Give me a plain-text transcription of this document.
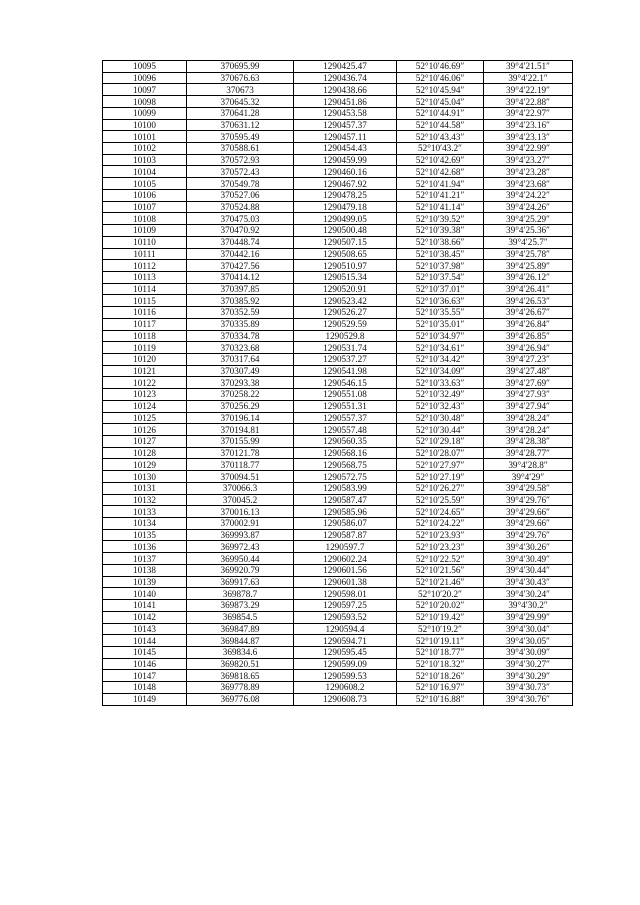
10095	370695.99	1290425.47	52°10′46.69″	39°4′21.51″
10096	370676.63	1290436.74	52°10′46.06″	39°4′22.1″
10097	370673	1290438.66	52°10′45.94″	39°4′22.19″
10098	370645.32	1290451.86	52°10′45.04″	39°4′22.88″
10099	370641.28	1290453.58	52°10′44.91″	39°4′22.97″
10100	370631.12	1290457.37	52°10′44.58″	39°4′23.16″
10101	370595.49	1290457.11	52°10′43.43″	39°4′23.13″
10102	370588.61	1290454.43	52°10′43.2″	39°4′22.99″
10103	370572.93	1290459.99	52°10′42.69″	39°4′23.27″
10104	370572.43	1290460.16	52°10′42.68″	39°4′23.28″
10105	370549.78	1290467.92	52°10′41.94″	39°4′23.68″
10106	370527.06	1290478.25	52°10′41.21″	39°4′24.22″
10107	370524.88	1290479.18	52°10′41.14″	39°4′24.26″
10108	370475.03	1290499.05	52°10′39.52″	39°4′25.29″
10109	370470.92	1290500.48	52°10′39.38″	39°4′25.36″
10110	370448.74	1290507.15	52°10′38.66″	39°4′25.7″
10111	370442.16	1290508.65	52°10′38.45″	39°4′25.78″
10112	370427.56	1290510.97	52°10′37.98″	39°4′25.89″
10113	370414.12	1290515.34	52°10′37.54″	39°4′26.12″
10114	370397.85	1290520.91	52°10′37.01″	39°4′26.41″
10115	370385.92	1290523.42	52°10′36.63″	39°4′26.53″
10116	370352.59	1290526.27	52°10′35.55″	39°4′26.67″
10117	370335.89	1290529.59	52°10′35.01″	39°4′26.84″
10118	370334.78	1290529.8	52°10′34.97″	39°4′26.85″
10119	370323.68	1290531.74	52°10′34.61″	39°4′26.94″
10120	370317.64	1290537.27	52°10′34.42″	39°4′27.23″
10121	370307.49	1290541.98	52°10′34.09″	39°4′27.48″
10122	370293.38	1290546.15	52°10′33.63″	39°4′27.69″
10123	370258.22	1290551.08	52°10′32.49″	39°4′27.93″
10124	370256.29	1290551.31	52°10′32.43″	39°4′27.94″
10125	370196.14	1290557.37	52°10′30.48″	39°4′28.24″
10126	370194.81	1290557.48	52°10′30.44″	39°4′28.24″
10127	370155.99	1290560.35	52°10′29.18″	39°4′28.38″
10128	370121.78	1290568.16	52°10′28.07″	39°4′28.77″
10129	370118.77	1290568.75	52°10′27.97″	39°4′28.8″
10130	370094.51	1290572.75	52°10′27.19″	39°4′29″
10131	370066.3	1290583.99	52°10′26.27″	39°4′29.58″
10132	370045.2	1290587.47	52°10′25.59″	39°4′29.76″
10133	370016.13	1290585.96	52°10′24.65″	39°4′29.66″
10134	370002.91	1290586.07	52°10′24.22″	39°4′29.66″
10135	369993.87	1290587.87	52°10′23.93″	39°4′29.76″
10136	369972.43	1290597.7	52°10′23.23″	39°4′30.26″
10137	369950.44	1290602.24	52°10′22.52″	39°4′30.49″
10138	369920.79	1290601.56	52°10′21.56″	39°4′30.44″
10139	369917.63	1290601.38	52°10′21.46″	39°4′30.43″
10140	369878.7	1290598.01	52°10′20.2″	39°4′30.24″
10141	369873.29	1290597.25	52°10′20.02″	39°4′30.2″
10142	369854.5	1290593.52	52°10′19.42″	39°4′29.99″
10143	369847.89	1290594.4	52°10′19.2″	39°4′30.04″
10144	369844.87	1290594.71	52°10′19.11″	39°4′30.05″
10145	369834.6	1290595.45	52°10′18.77″	39°4′30.09″
10146	369820.51	1290599.09	52°10′18.32″	39°4′30.27″
10147	369818.65	1290599.53	52°10′18.26″	39°4′30.29″
10148	369778.89	1290608.2	52°10′16.97″	39°4′30.73″
10149	369776.08	1290608.73	52°10′16.88″	39°4′30.76″
